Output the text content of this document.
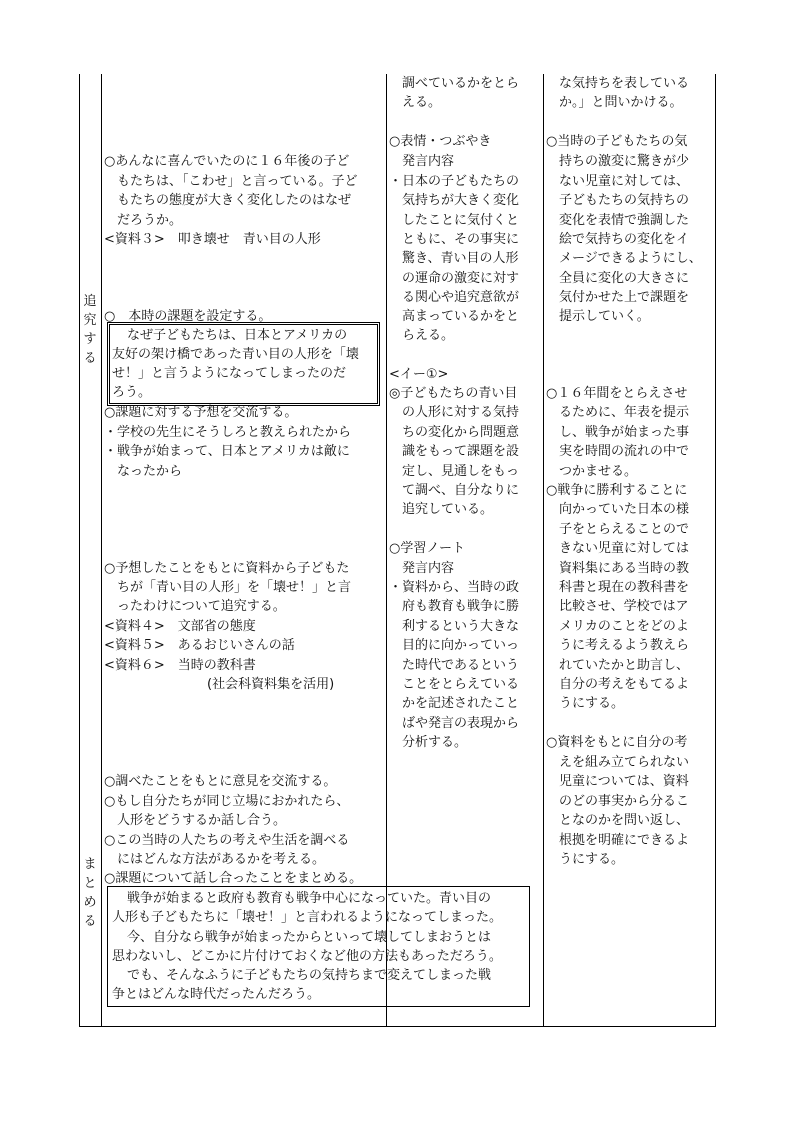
追
究
す
る
ま
と
め
る
○あんなに喜んでいたのに１６年後の子ど
もたちは、「こわせ」と言っている。子ど
もたちの態度が大きく変化したのはなぜ
だろうか。
<資料３>　叩き壊せ　青い目の人形
○　本時の課題を設定する。
なぜ子どもたちは、日本とアメリカの
友好の架け橋であった青い目の人形を「壊
せ！」と言うようになってしまったのだ
ろう。
○課題に対する予想を交流する。
・学校の先生にそうしろと教えられたから
・戦争が始まって、日本とアメリカは敵に
なったから
○予想したことをもとに資料から子どもた
ちが「青い目の人形」を「壊せ！」と言
ったわけについて追究する。
<資料４>　文部省の態度
<資料５>　あるおじいさんの話
<資料６>　当時の教科書
(社会科資料集を活用)
○調べたことをもとに意見を交流する。
○もし自分たちが同じ立場におかれたら、
人形をどうするか話し合う。
○この当時の人たちの考えや生活を調べる
にはどんな方法があるかを考える。
○課題について話し合ったことをまとめる。
戦争が始まると政府も教育も戦争中心になっていた。青い目の
人形も子どもたちに「壊せ！」と言われるようになってしまった。
今、自分なら戦争が始まったからといって壊してしまおうとは
思わないし、どこかに片付けておくなど他の方法もあっただろう。
でも、そんなふうに子どもたちの気持ちまで変えてしまった戦
争とはどんな時代だったんだろう。
調べているかをとら
える。
○表情・つぶやき
発言内容
・日本の子どもたちの
気持ちが大きく変化
したことに気付くと
ともに、その事実に
驚き、青い目の人形
の運命の激変に対す
る関心や追究意欲が
高まっているかをと
らえる。
<イー①>
◎子どもたちの青い目
の人形に対する気持
ちの変化から問題意
識をもって課題を設
定し、見通しをもっ
て調べ、自分なりに
追究している。
○学習ノート
発言内容
・資料から、当時の政
府も教育も戦争に勝
利するという大きな
目的に向かっていっ
た時代であるという
ことをとらえている
かを記述されたこと
ばや発言の表現から
分析する。
な気持ちを表している
か。」と問いかける。
○当時の子どもたちの気
持ちの激変に驚きが少
ない児童に対しては、
子どもたちの気持ちの
変化を表情で強調した
絵で気持ちの変化をイ
メージできるようにし、
全員に変化の大きさに
気付かせた上で課題を
提示していく。
○１６年間をとらえさせ
るために、年表を提示
し、戦争が始まった事
実を時間の流れの中で
つかませる。
○戦争に勝利することに
向かっていた日本の様
子をとらえることので
きない児童に対しては
資料集にある当時の教
科書と現在の教科書を
比較させ、学校ではア
メリカのことをどのよ
うに考えるよう教えら
れていたかと助言し、
自分の考えをもてるよ
うにする。
○資料をもとに自分の考
えを組み立てられない
児童については、資料
のどの事実から分るこ
となのかを問い返し、
根拠を明確にできるよ
うにする。
